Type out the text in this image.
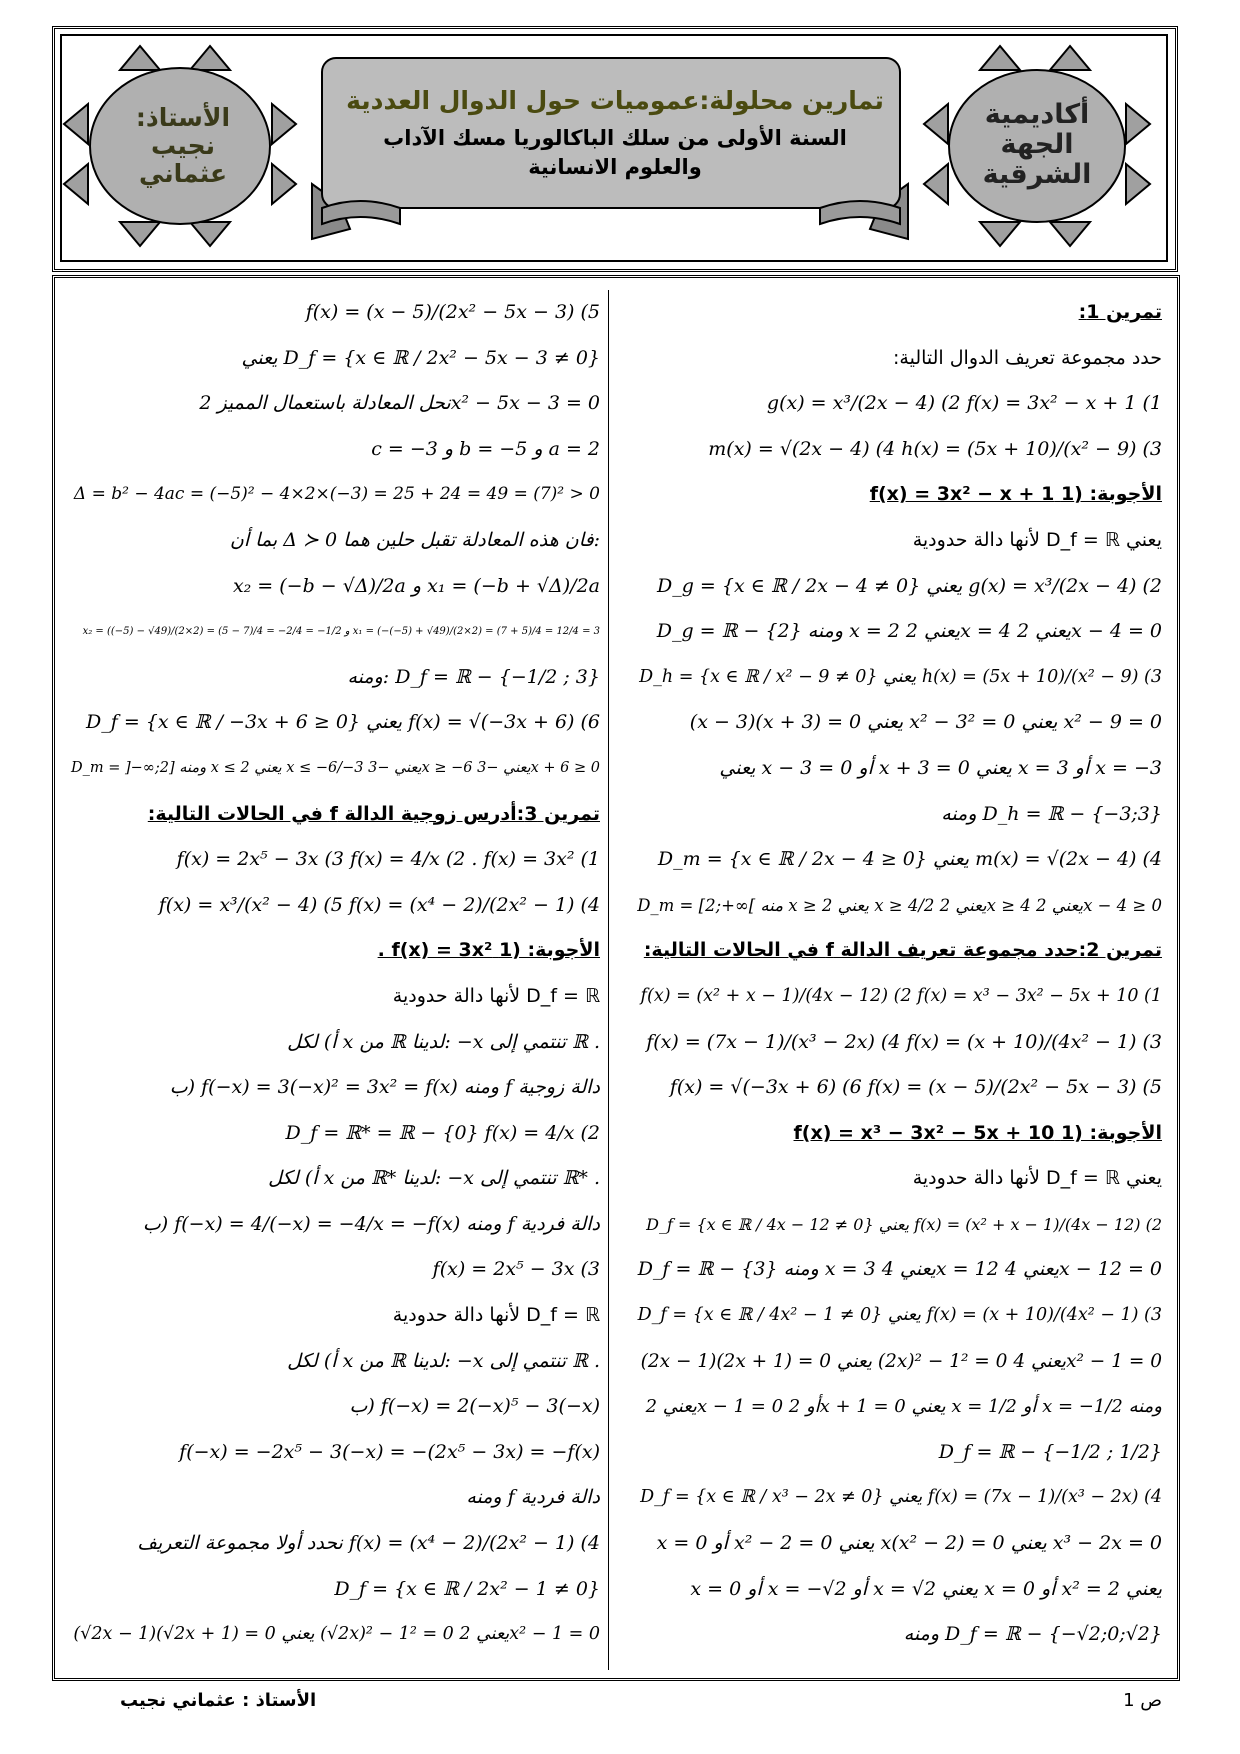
أكاديمية
الجهة
الشرقية
الأستاذ:
نجيب
عثماني
تمارين محلولة:عموميات حول الدوال العددية
السنة الأولى من سلك الباكالوريا مسك الآداب
والعلوم الانسانية
تمرين 1:
حدد مجموعة تعريف الدوال التالية:
g(x) = x³/(2x − 4) (2 f(x) = 3x² − x + 1 (1
m(x) = √(2x − 4) (4 h(x) = (5x + 10)/(x² − 9) (3
الأجوبة: (1 f(x) = 3x² − x + 1
يعني D_f = ℝ لأنها دالة حدودية
D_g = {x ∈ ℝ / 2x − 4 ≠ 0} يعني g(x) = x³/(2x − 4) (2
D_g = ℝ − {2} ومنه x = 2 يعني 2x = 4 يعني 2x − 4 = 0
D_h = {x ∈ ℝ / x² − 9 ≠ 0} يعني h(x) = (5x + 10)/(x² − 9) (3
(x − 3)(x + 3) = 0 يعني x² − 3² = 0 يعني x² − 9 = 0
يعني x − 3 = 0 أو x + 3 = 0 يعني x = 3 أو x = −3
ومنه D_h = ℝ − {−3;3}
D_m = {x ∈ ℝ / 2x − 4 ≥ 0} يعني m(x) = √(2x − 4) (4
D_m = [2;+∞[ منه x ≥ 2 يعني x ≥ 4/2 يعني 2x ≥ 4 يعني 2x − 4 ≥ 0
تمرين 2:حدد مجموعة تعريف الدالة f في الحالات التالية:
f(x) = (x² + x − 1)/(4x − 12) (2 f(x) = x³ − 3x² − 5x + 10 (1
f(x) = (7x − 1)/(x³ − 2x) (4 f(x) = (x + 10)/(4x² − 1) (3
f(x) = √(−3x + 6) (6 f(x) = (x − 5)/(2x² − 5x − 3) (5
الأجوبة: (1 f(x) = x³ − 3x² − 5x + 10
يعني D_f = ℝ لأنها دالة حدودية
D_f = {x ∈ ℝ / 4x − 12 ≠ 0} يعني f(x) = (x² + x − 1)/(4x − 12) (2
D_f = ℝ − {3} ومنه x = 3 يعني 4x = 12 يعني 4x − 12 = 0
D_f = {x ∈ ℝ / 4x² − 1 ≠ 0} يعني f(x) = (x + 10)/(4x² − 1) (3
(2x − 1)(2x + 1) = 0 يعني (2x)² − 1² = 0 يعني 4x² − 1 = 0
يعني 2x − 1 = 0 أو 2x + 1 = 0 يعني x = 1/2 أو x = −1/2 ومنه
D_f = ℝ − {−1/2 ; 1/2}
D_f = {x ∈ ℝ / x³ − 2x ≠ 0} يعني f(x) = (7x − 1)/(x³ − 2x) (4
x = 0 أو x² − 2 = 0 يعني x(x² − 2) = 0 يعني x³ − 2x = 0
x = 0 أو x = −√2 أو x = √2 يعني x = 0 أو x² = 2 يعني
ومنه D_f = ℝ − {−√2;0;√2}
f(x) = (x − 5)/(2x² − 5x − 3) (5
يعني D_f = {x ∈ ℝ / 2x² − 5x − 3 ≠ 0}
نحل المعادلة باستعمال المميز 2x² − 5x − 3 = 0
c = −3 و b = −5 و a = 2
Δ = b² − 4ac = (−5)² − 4×2×(−3) = 25 + 24 = 49 = (7)² > 0
بما أن Δ ≻ 0 فان هذه المعادلة تقبل حلين هما:
x₂ = (−b − √Δ)/2a و x₁ = (−b + √Δ)/2a
x₂ = ((−5) − √49)/(2×2) = (5 − 7)/4 = −2/4 = −1/2 و x₁ = (−(−5) + √49)/(2×2) = (7 + 5)/4 = 12/4 = 3
ومنه: D_f = ℝ − {−1/2 ; 3}
D_f = {x ∈ ℝ / −3x + 6 ≥ 0} يعني f(x) = √(−3x + 6) (6
D_m = ]−∞;2] ومنه x ≤ 2 يعني x ≤ −6/−3 يعني −3x ≥ −6 يعني −3x + 6 ≥ 0
تمرين 3:أدرس زوجية الدالة f في الحالات التالية:
f(x) = 2x⁵ − 3x (3 f(x) = 4/x (2 . f(x) = 3x² (1
f(x) = x³/(x² − 4) (5 f(x) = (x⁴ − 2)/(2x² − 1) (4
الأجوبة: (1 f(x) = 3x² .
D_f = ℝ لأنها دالة حدودية
أ) لكل x من ℝ لدينا: −x تنتمي إلى ℝ .
ب) f(−x) = 3(−x)² = 3x² = f(x) ومنه f دالة زوجية
D_f = ℝ* = ℝ − {0} f(x) = 4/x (2
أ) لكل x من ℝ* لدينا: −x تنتمي إلى ℝ* .
ب) f(−x) = 4/(−x) = −4/x = −f(x) ومنه f دالة فردية
f(x) = 2x⁵ − 3x (3
D_f = ℝ لأنها دالة حدودية
أ) لكل x من ℝ لدينا: −x تنتمي إلى ℝ .
ب) f(−x) = 2(−x)⁵ − 3(−x)
f(−x) = −2x⁵ − 3(−x) = −(2x⁵ − 3x) = −f(x)
ومنه f دالة فردية
نحدد أولا مجموعة التعريف f(x) = (x⁴ − 2)/(2x² − 1) (4
D_f = {x ∈ ℝ / 2x² − 1 ≠ 0}
(√2x − 1)(√2x + 1) = 0 يعني (√2x)² − 1² = 0 يعني 2x² − 1 = 0
ص 1
الأستاذ : عثماني نجيب
